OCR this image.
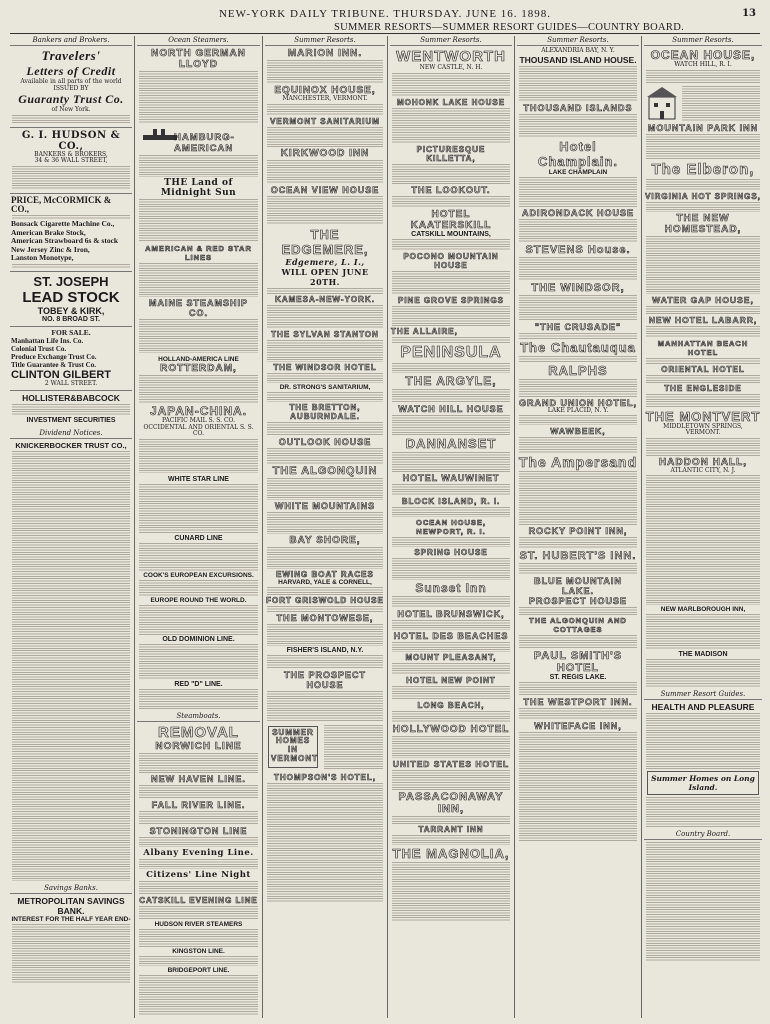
NEW-YORK DAILY TRIBUNE. THURSDAY. JUNE 16. 1898.	13
SUMMER RESORTS—SUMMER RESORT GUIDES—COUNTRY BOARD.
Bankers and Brokers.
Travelers'
Letters of Credit
Available in all parts of the world ISSUED BY
Guaranty Trust Co.
of New York.
G. I. HUDSON & CO.,
BANKERS & BROKERS,
34 & 36 WALL STREET,
PRICE, McCORMICK & CO.,
Bonsack Cigarette Machine Co.,
American Brake Stock,
American Strawboard 6s & stock
New Jersey Zinc & Iron,
Lanston Monotype,
ST. JOSEPH
LEAD STOCK
TOBEY & KIRK,
NO. 8 BROAD ST.
FOR SALE.
Manhattan Life Ins. Co.
Colonial Trust Co.
Produce Exchange Trust Co.
Title Guarantee & Trust Co.
CLINTON GILBERT
2 WALL STREET.
HOLLISTER&BABCOCK
INVESTMENT SECURITIES
Dividend Notices.
KNICKERBOCKER TRUST CO.,
Savings Banks.
METROPOLITAN SAVINGS BANK.
INTEREST FOR THE HALF YEAR END-
Ocean Steamers.
NORTH GERMAN LLOYD
HAMBURG-AMERICAN
THE Land of Midnight Sun
AMERICAN & RED STAR LINES
MAINE STEAMSHIP CO.
HOLLAND-AMERICA LINE
ROTTERDAM,
JAPAN-CHINA.
PACIFIC MAIL S. S. CO.
OCCIDENTAL AND ORIENTAL S. S. CO.
WHITE STAR LINE
CUNARD LINE
COOK'S EUROPEAN EXCURSIONS.
EUROPE ROUND THE WORLD.
OLD DOMINION LINE.
RED "D" LINE.
Steamboats.
REMOVAL
NORWICH LINE
NEW HAVEN LINE.
FALL RIVER LINE.
STONINGTON LINE
Albany Evening Line.
Citizens' Line Night
CATSKILL EVENING LINE
HUDSON RIVER STEAMERS
KINGSTON LINE.
BRIDGEPORT LINE.
Summer Resorts.
MARION INN.
EQUINOX HOUSE,
MANCHESTER, VERMONT.
VERMONT SANITARIUM
KIRKWOOD INN
OCEAN VIEW HOUSE
THE EDGEMERE,
Edgemere, L. I.,
WILL OPEN JUNE 20TH.
KAMESA-NEW-YORK.
THE SYLVAN STANTON
THE WINDSOR HOTEL
DR. STRONG'S SANITARIUM,
THE BRETTON, AUBURNDALE.
OUTLOOK HOUSE
THE ALGONQUIN
WHITE MOUNTAINS
BAY SHORE,
EWING BOAT RACES
HARVARD, YALE & CORNELL,
FORT GRISWOLD HOUSE
THE MONTOWESE,
FISHER'S ISLAND, N.Y.
THE PROSPECT HOUSE
SUMMER
HOMES
IN
VERMONT
THOMPSON'S HOTEL,
Summer Resorts.
WENTWORTH
NEW CASTLE, N. H.
MOHONK LAKE HOUSE
PICTURESQUE KILLETTA,
THE LOOKOUT.
HOTEL KAATERSKILL
CATSKILL MOUNTAINS,
POCONO MOUNTAIN HOUSE
PINE GROVE SPRINGS
THE ALLAIRE,
PENINSULA
THE ARGYLE,
WATCH HILL HOUSE
DANNANSET
HOTEL WAUWINET
BLOCK ISLAND, R. I.
OCEAN HOUSE, NEWPORT, R. I.
SPRING HOUSE
Sunset Inn
HOTEL BRUNSWICK,
HOTEL DES BEACHES
MOUNT PLEASANT,
HOTEL NEW POINT
LONG BEACH,
HOLLYWOOD HOTEL
UNITED STATES HOTEL
PASSACONAWAY INN,
TARRANT INN
THE MAGNOLIA,
Summer Resorts.
ALEXANDRIA BAY, N. Y.
THOUSAND ISLAND HOUSE.
THOUSAND ISLANDS
Hotel Champlain.
LAKE CHAMPLAIN
ADIRONDACK HOUSE
STEVENS House.
THE WINDSOR,
"THE CRUSADE"
The Chautauqua
RALPHS
GRAND UNION HOTEL,
LAKE PLACID, N. Y.
WAWBEEK,
The Ampersand
ROCKY POINT INN,
ST. HUBERT'S INN.
BLUE MOUNTAIN LAKE.
PROSPECT HOUSE
THE ALGONQUIN AND COTTAGES
PAUL SMITH'S HOTEL
ST. REGIS LAKE.
THE WESTPORT INN.
WHITEFACE INN,
Summer Resorts.
OCEAN HOUSE,
WATCH HILL, R. I.
MOUNTAIN PARK INN
The Elberon,
VIRGINIA HOT SPRINGS,
THE NEW HOMESTEAD,
WATER GAP HOUSE,
NEW HOTEL LABARR,
MANHATTAN BEACH HOTEL
ORIENTAL HOTEL
THE ENGLESIDE
THE MONTVERT
MIDDLETOWN SPRINGS, VERMONT.
HADDON HALL,
ATLANTIC CITY, N. J.
NEW MARLBOROUGH INN,
THE MADISON
Summer Resort Guides.
HEALTH AND PLEASURE
Summer Homes on Long Island.
Country Board.
